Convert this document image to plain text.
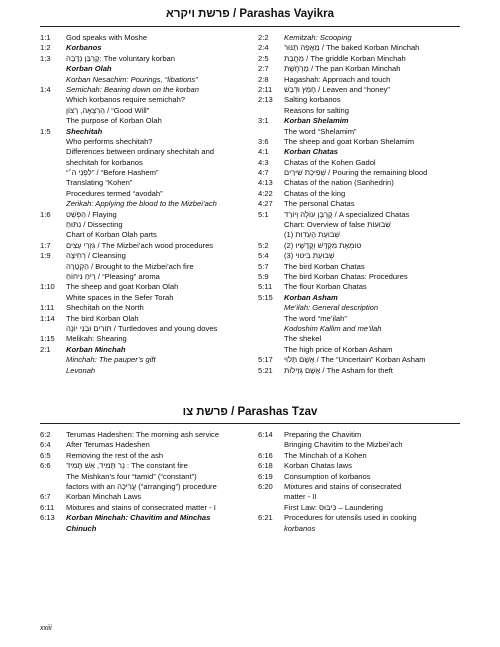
פרשת ויקרא / Parashas Vayikra
1:1	God speaks with Moshe
1:2	Korbanos
1:3	קָרְבַּן נְדָבָה: The voluntary korban
Korban Olah
Korban Nesachim: Pourings, “libations”
1:4	Semichah: Bearing down on the korban
Which korbanos require semichah?
הַרְצָאָה, רָצוֹן / “Good Will”
The purpose of Korban Olah
1:5	Shechitah
Who performs shechitah?
Differences between ordinary shechitah and
shechitah for korbanos
“לִפְנֵי ה׳” / “Before Hashem”
Translating “Kohen”
Procedures termed “avodah”
Zerikah: Applying the blood to the Mizbei’ach
1:6	הַפְשֵׁט / Flaying
נִתּוּחַ / Dissecting
Chart of Korban Olah parts
1:7	גִּזְרֵי עֵצִים / The Mizbei’ach wood procedures
1:9	רְחִיצָה / Cleansing
הַקְטָרָה / Brought to the Mizbei’ach fire
רֵיחַ נִיחוֹחַ / “Pleasing” aroma
1:10	The sheep and goat Korban Olah
White spaces in the Sefer Torah
1:11	Shechitah on the North
1:14	The bird Korban Olah
תּוֹרִים וּבְנֵי יוֹנָה / Turtledoves and young doves
1:15	Melikah: Shearing
2:1	Korban Minchah
Minchah: The pauper’s gift
Levonah
2:2	Kemitzah: Scooping
2:4	מַאֲפֵה תַנּוּר / The baked Korban Minchah
2:5	מַחֲבַת / The griddle Korban Minchah
2:7	מַרְחֶשֶׁת / The pan Korban Minchah
2:8	Hagashah: Approach and touch
2:11	חָמֵץ וּדְבַשׁ / Leaven and “honey”
2:13	Salting korbanos
Reasons for salting
3:1	Korban Shelamim
The word “Shelamim”
3:6	The sheep and goat Korban Shelamim
4:1	Korban Chatas
4:3	Chatas of the Kohen Gadol
4:7	שְׁפִיכַת שִׁירַיִם / Pouring the remaining blood
4:13	Chatas of the nation (Sanhedrin)
4:22	Chatas of the king
4:27	The personal Chatas
5:1	קָרְבָּן עוֹלֶה וְיוֹרֵד / A specialized Chatas
Chart: Overview of false שְׁבוּעוֹת
שְׁבוּעַת הָעֵדוּת (1)
5:2	טוּמְאַת מִקְדָּשׁ וְקָדָשָׁיו (2)
5:4	שְׁבוּעַת בִּיטּוּי (3)
5:7	The bird Korban Chatas
5:9	The bird Korban Chatas: Procedures
5:11	The flour Korban Chatas
5:15	Korban Asham
Me’ilah: General description
The word “me’ilah”
Kodoshim Kallim and me’ilah
The shekel
The high price of Korban Asham
5:17	אָשָׁם תָּלוּי / The “Uncertain” Korban Asham
5:21	אָשָׁם גְּזֵילוֹת / The Asham for theft
פרשת צו / Parashas Tzav
6:2	Terumas Hadeshen: The morning ash service
6:4	After Terumas Hadeshen
6:5	Removing the rest of the ash
6:6	נֵר תָּמִיד, אֵשׁ תָּמִיד : The constant fire
The Mishkan’s four “tamid” (“constant”)
factors with an עֲרִיכָה (“arranging”) procedure
6:7	Korban Minchah Laws
6:11	Mixtures and stains of consecrated matter - I
6:13	Korban Minchah: Chavitim and Minchas
Chinuch
6:14	Preparing the Chavitim
Bringing Chavitim to the Mizbei’ach
6:16	The Minchah of a Kohen
6:18	Korban Chatas laws
6:19	Consumption of korbanos
6:20	Mixtures and stains of consecrated
matter - II
First Law: כִּיבּוּס – Laundering
6:21	Procedures for utensils used in cooking
korbanos
xxiii
